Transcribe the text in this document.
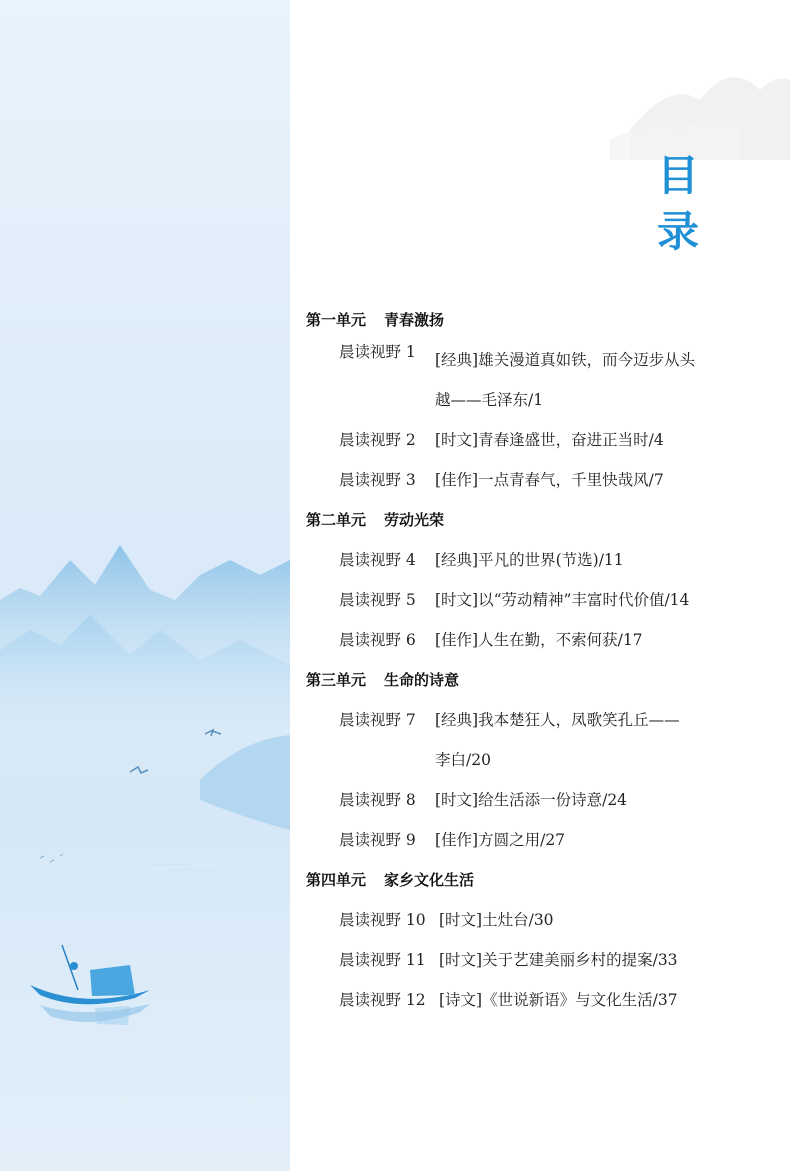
目
录
第一单元 青春激扬
晨读视野 1	[经典]雄关漫道真如铁，而今迈步从头
越——毛泽东/1
晨读视野 2	[时文]青春逢盛世，奋进正当时/4
晨读视野 3	[佳作]一点青春气，千里快哉风/7
第二单元 劳动光荣
晨读视野 4	[经典]平凡的世界(节选)/11
晨读视野 5	[时文]以“劳动精神”丰富时代价值/14
晨读视野 6	[佳作]人生在勤，不索何获/17
第三单元 生命的诗意
晨读视野 7	[经典]我本楚狂人，凤歌笑孔丘——
李白/20
晨读视野 8	[时文]给生活添一份诗意/24
晨读视野 9	[佳作]方圆之用/27
第四单元 家乡文化生活
晨读视野 10 [时文]土灶台/30
晨读视野 11 [时文]关于艺建美丽乡村的提案/33
晨读视野 12 [诗文]《世说新语》与文化生活/37
